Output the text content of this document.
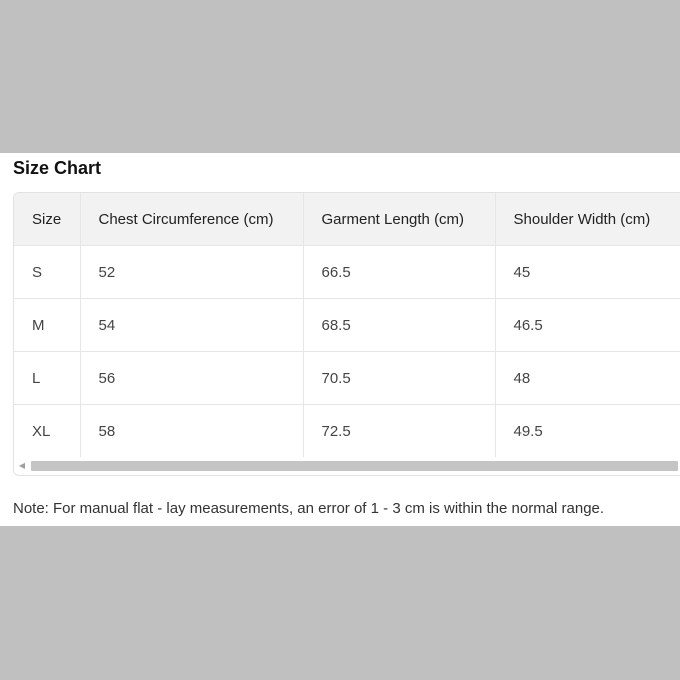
Size Chart
Size	Chest Circumference (cm)	Garment Length (cm)	Shoulder Width (cm)
S	52	66.5	45
M	54	68.5	46.5
L	56	70.5	48
XL	58	72.5	49.5
◀
Note: For manual flat - lay measurements, an error of 1 - 3 cm is within the normal range.
